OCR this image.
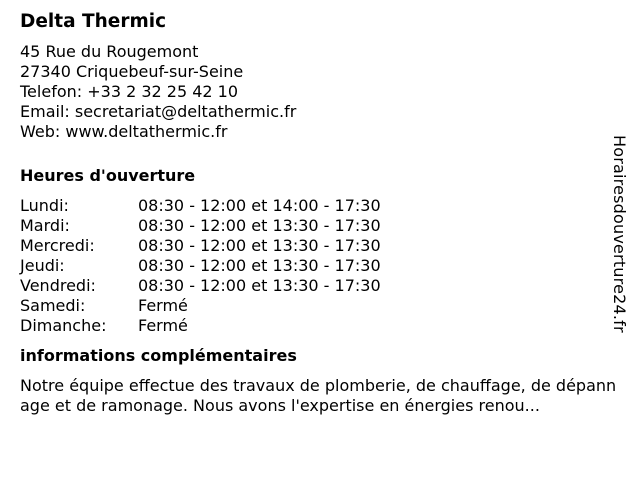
Delta Thermic
45 Rue du Rougemont
27340 Criquebeuf-sur-Seine
Telefon: +33 2 32 25 42 10
Email: secretariat@deltathermic.fr
Web: www.deltathermic.fr
Heures d'ouverture
Lundi:	08:30 - 12:00 et 14:00 - 17:30
Mardi:	08:30 - 12:00 et 13:30 - 17:30
Mercredi:	08:30 - 12:00 et 13:30 - 17:30
Jeudi:	08:30 - 12:00 et 13:30 - 17:30
Vendredi:	08:30 - 12:00 et 13:30 - 17:30
Samedi:	Fermé
Dimanche:	Fermé
informations complémentaires
Notre équipe effectue des travaux de plomberie, de chauffage, de dépannage et de ramonage. Nous avons l'expertise en énergies renou...
Horairesdouverture24.fr
